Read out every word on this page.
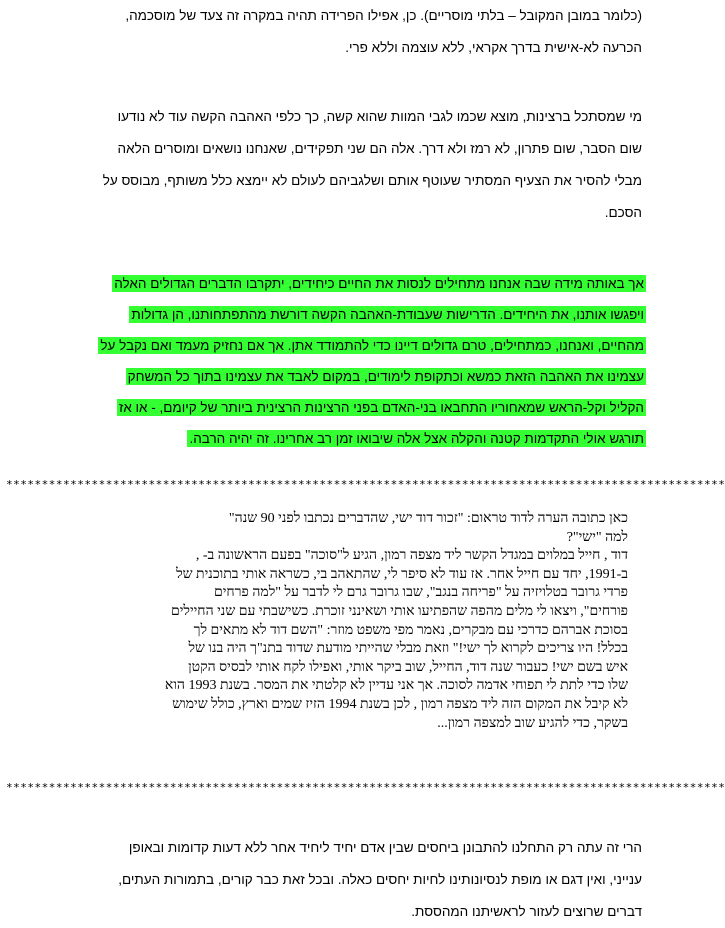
(כלומר במובן המקובל – בלתי מוסריים). כן, אפילו הפרידה תהיה במקרה זה צעד של מוסכמה,
הכרעה לא-אישית בדרך אקראי, ללא עוצמה וללא פרי.
מי שמסתכל ברצינות, מוצא שכמו לגבי המוות שהוא קשה, כך כלפי האהבה הקשה עוד לא נודעו
שום הסבר, שום פתרון, לא רמז ולא דרך. אלה הם שני תפקידים, שאנחנו נושאים ומוסרים הלאה
מבלי להסיר את הצעיף המסתיר שעוטף אותם ושלגביהם לעולם לא יימצא כלל משותף, מבוסס על
הסכם.
אך באותה מידה שבה אנחנו מתחילים לנסות את החיים כיחידים, יתקרבו הדברים הגדולים האלה
ויפגשו אותנו, את היחידים. הדרישות שעבודת-האהבה הקשה דורשת מהתפתחותנו, הן גדולות
מהחיים, ואנחנו, כמתחילים, טרם גדולים דיינו כדי להתמודד אתן. אך אם נחזיק מעמד ואם נקבל על
עצמינו את האהבה הזאת כמשא וכתקופת לימודים, במקום לאבד את עצמינו בתוך כל המשחק
הקליל וקל-הראש שמאחוריו התחבאו בני-האדם בפני הרצינות הרצינית ביותר של קיומם, - או אז
תורגש אולי התקדמות קטנה והקלה אצל אלה שיבואו זמן רב אחרינו. זה יהיה הרבה.
*****************************************************************************************************
כאן כתובה הערה לדוד טראום: "זכור דוד ישי, שהדברים נכתבו לפני 90 שנה"
למה "ישי"?
דוד , חייל במלוים במגדל הקשר ליד מצפה רמון, הגיע ל"סוכה" בפעם הראשונה ב- ,
ב-1991, יחד עם חייל אחר. אז עוד לא סיפר לי, שהתאהב בי, כשראה אותי בתוכנית של
פרדי גרובר בטלויזיה על "פריחה בנגב", שבו גרובר גרם לי לדבר על "למה פרחים
פורחים", ויצאו לי מלים מהפה שהפתיעו אותי ושאינני זוכרת. כשישבתי עם שני החיילים
בסוכת אברהם כדרכי עם מבקרים, נאמר מפי משפט מוזר: "השם דוד לא מתאים לך
בכלל! היו צריכים לקרוא לך ישי!" וזאת מבלי שהייתי מודעת שדוד בתנ"ך היה בנו של
איש בשם ישי! כעבור שנה דוד, החייל, שוב ביקר אותי, ואפילו לקח אותי לבסיס הקטן
שלו כדי לתת לי תפוחי אדמה לסוכה. אך אני עדיין לא קלטתי את המסר. בשנת 1993 הוא
לא קיבל את המקום הזה ליד מצפה רמון , לכן בשנת 1994 הזיז שמים וארץ, כולל שימוש
בשקר, כדי להגיע שוב למצפה רמון...
*****************************************************************************************************
הרי זה עתה רק התחלנו להתבונן ביחסים שבין אדם יחיד ליחיד אחר ללא דעות קדומות ובאופן
ענייני, ואין דגם או מופת לנסיונותינו לחיות יחסים כאלה. ובכל זאת כבר קורים, בתמורות העתים,
דברים שרוצים לעזור לראשיתנו המהססת.
